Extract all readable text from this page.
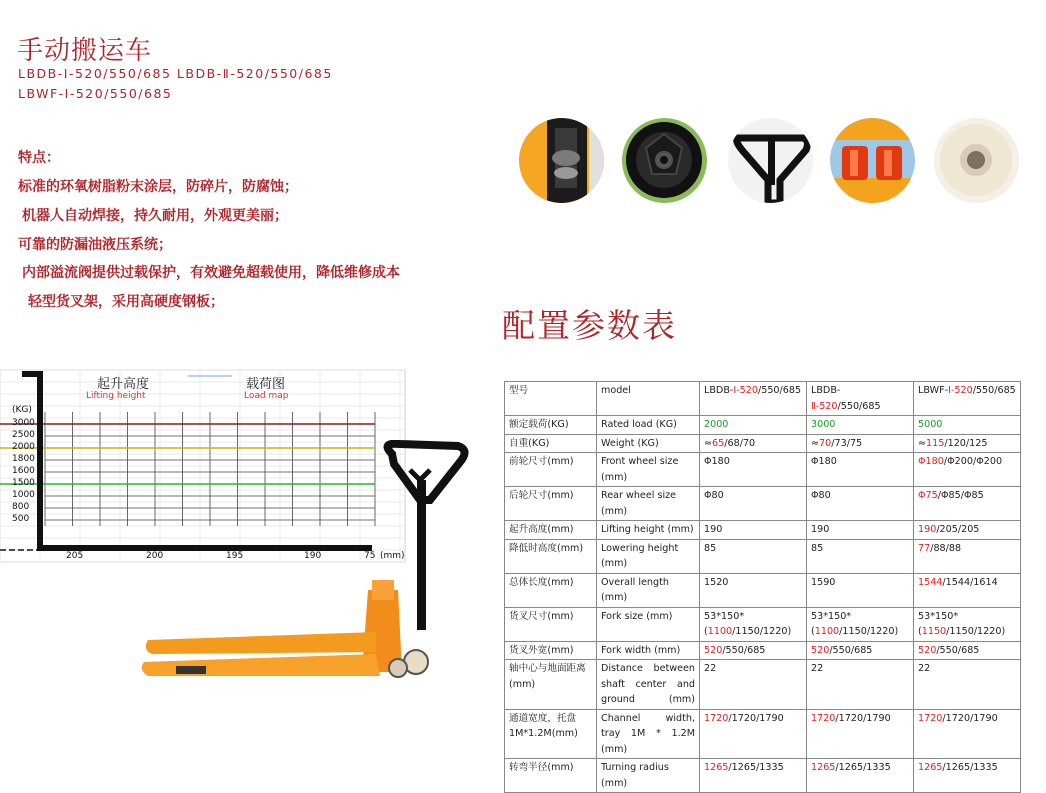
手动搬运车
LBDB-Ⅰ-520/550/685 LBDB-Ⅱ-520/550/685
LBWF-Ⅰ-520/550/685
特点：
标准的环氧树脂粉末涂层，防碎片，防腐蚀；
机器人自动焊接，持久耐用，外观更美丽；
可靠的防漏油液压系统；
内部溢流阀提供过载保护，有效避免超载使用，降低维修成本
轻型货叉架，采用高硬度钢板；
配置参数表
起升高度
Lifting height
载荷图
Load map
(KG)
(mm)
3000
2500
2000
1800
1600
1500
1000
800
500
205	200	195	190	75
型号	model	LBDB-Ⅰ-520/550/685	LBDB-Ⅱ-520/550/685	LBWF-Ⅰ-520/550/685
额定载荷(KG)	Rated load (KG)	2000	3000	5000
自重(KG)	Weight (KG)	≈65/68/70	≈70/73/75	≈115/120/125
前轮尺寸(mm)	Front wheel size (mm)	Φ180	Φ180	Φ180/Φ200/Φ200
后轮尺寸(mm)	Rear wheel size (mm)	Φ80	Φ80	Φ75/Φ85/Φ85
起升高度(mm)	Lifting height (mm)	190	190	190/205/205
降低时高度(mm)	Lowering height (mm)	85	85	77/88/88
总体长度(mm)	Overall length (mm)	1520	1590	1544/1544/1614
货叉尺寸(mm)	Fork size (mm)	53*150*(1100/1150/1220)	53*150*(1100/1150/1220)	53*150*(1150/1150/1220)
货叉外宽(mm)	Fork width (mm)	520/550/685	520/550/685	520/550/685
轴中心与地面距离(mm)	Distance between shaft center and ground (mm)	22	22	22
通道宽度，托盘1M*1.2M(mm)	Channel width, tray 1M * 1.2M (mm)	1720/1720/1790	1720/1720/1790	1720/1720/1790
转弯半径(mm)	Turning radius (mm)	1265/1265/1335	1265/1265/1335	1265/1265/1335
